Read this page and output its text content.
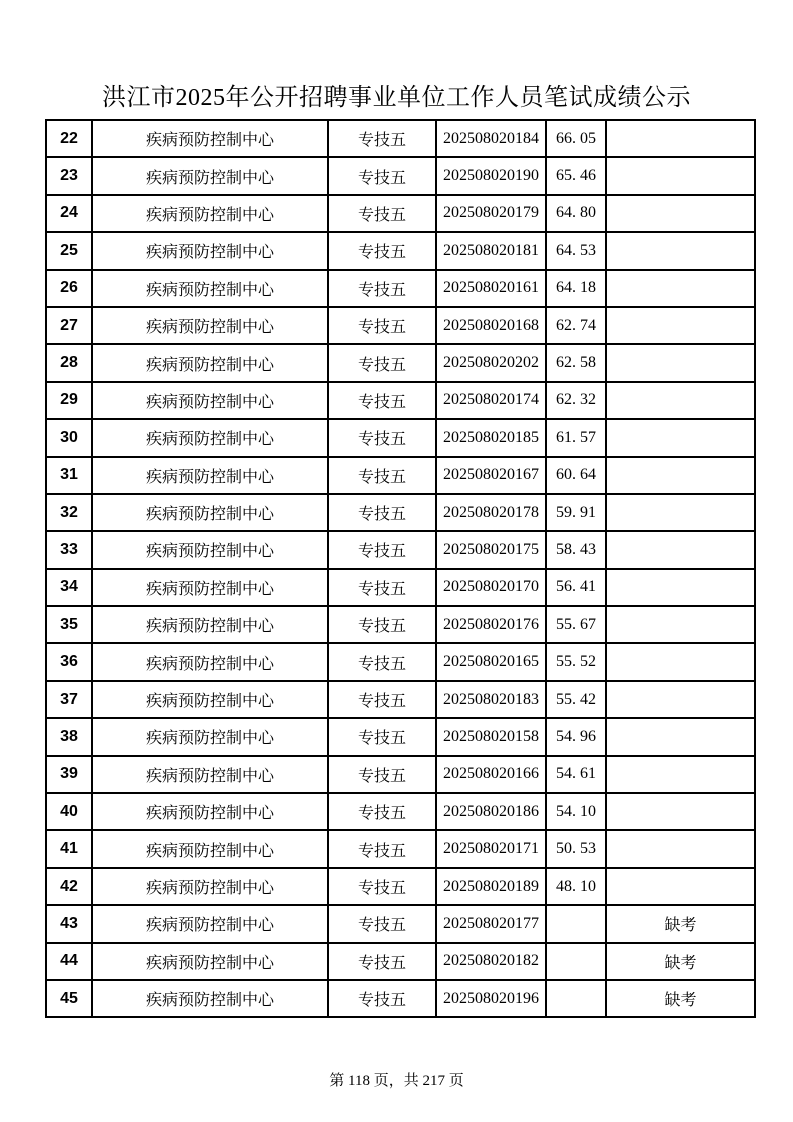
洪江市2025年公开招聘事业单位工作人员笔试成绩公示
22	疾病预防控制中心	专技五	202508020184	66. 05	
23	疾病预防控制中心	专技五	202508020190	65. 46	
24	疾病预防控制中心	专技五	202508020179	64. 80	
25	疾病预防控制中心	专技五	202508020181	64. 53	
26	疾病预防控制中心	专技五	202508020161	64. 18	
27	疾病预防控制中心	专技五	202508020168	62. 74	
28	疾病预防控制中心	专技五	202508020202	62. 58	
29	疾病预防控制中心	专技五	202508020174	62. 32	
30	疾病预防控制中心	专技五	202508020185	61. 57	
31	疾病预防控制中心	专技五	202508020167	60. 64	
32	疾病预防控制中心	专技五	202508020178	59. 91	
33	疾病预防控制中心	专技五	202508020175	58. 43	
34	疾病预防控制中心	专技五	202508020170	56. 41	
35	疾病预防控制中心	专技五	202508020176	55. 67	
36	疾病预防控制中心	专技五	202508020165	55. 52	
37	疾病预防控制中心	专技五	202508020183	55. 42	
38	疾病预防控制中心	专技五	202508020158	54. 96	
39	疾病预防控制中心	专技五	202508020166	54. 61	
40	疾病预防控制中心	专技五	202508020186	54. 10	
41	疾病预防控制中心	专技五	202508020171	50. 53	
42	疾病预防控制中心	专技五	202508020189	48. 10	
43	疾病预防控制中心	专技五	202508020177		缺考
44	疾病预防控制中心	专技五	202508020182		缺考
45	疾病预防控制中心	专技五	202508020196		缺考
第 118 页，共 217 页
